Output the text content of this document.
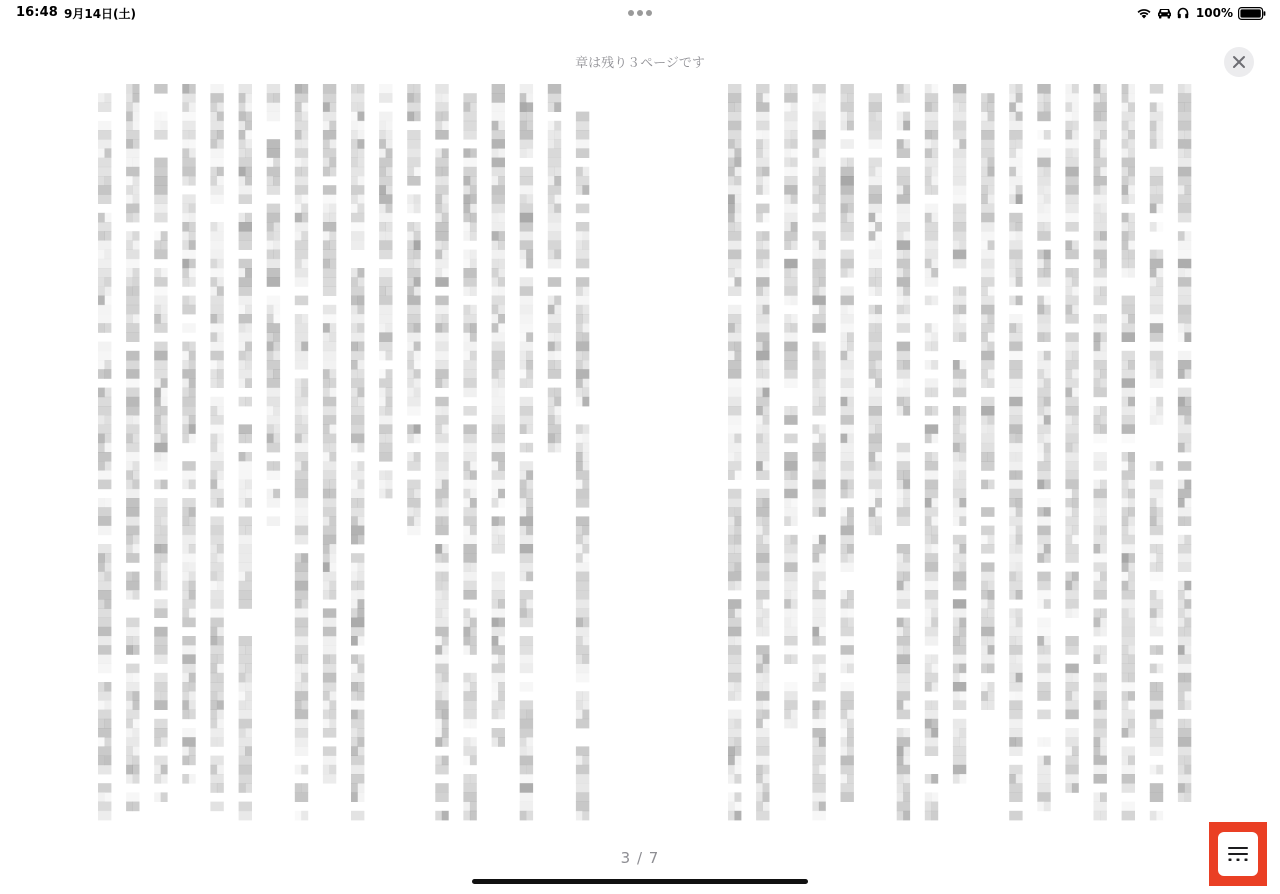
16:48 9月14日(土)	100%
章は残り３ページです
3 / 7
